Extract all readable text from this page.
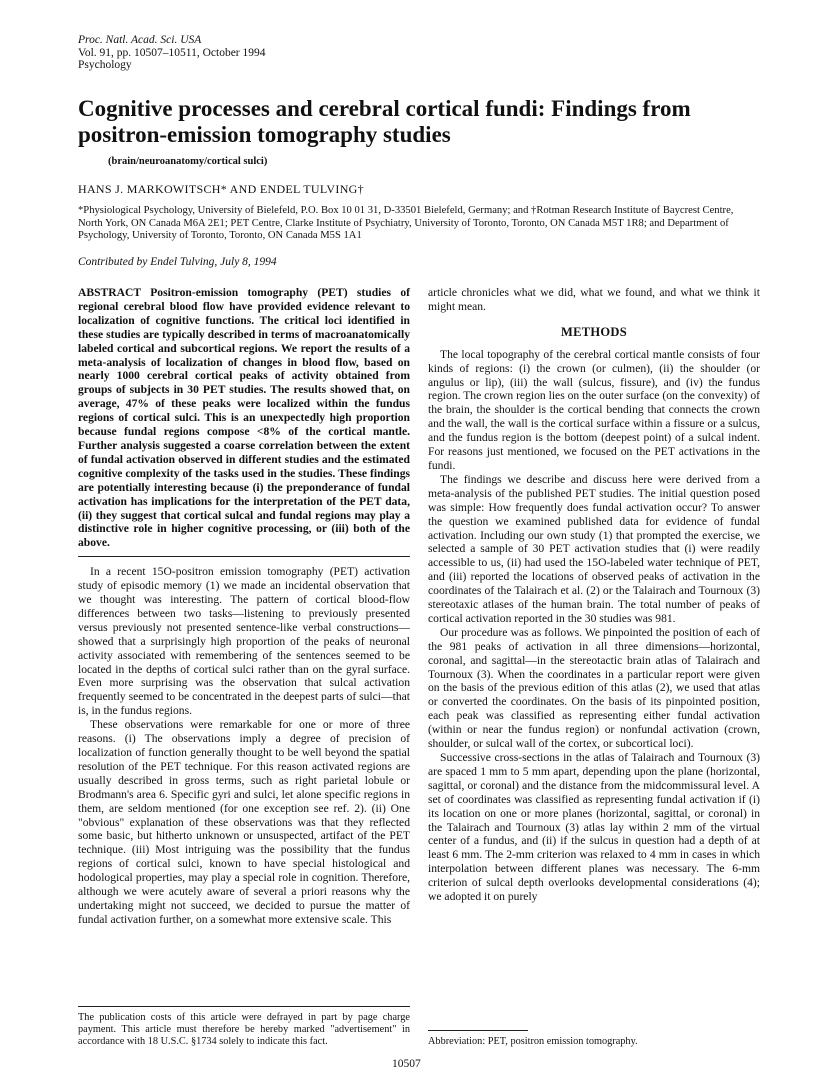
Proc. Natl. Acad. Sci. USA
Vol. 91, pp. 10507–10511, October 1994
Psychology
Cognitive processes and cerebral cortical fundi: Findings from positron-emission tomography studies
(brain/neuroanatomy/cortical sulci)
HANS J. MARKOWITSCH* AND ENDEL TULVING†
*Physiological Psychology, University of Bielefeld, P.O. Box 10 01 31, D-33501 Bielefeld, Germany; and †Rotman Research Institute of Baycrest Centre, North York, ON Canada M6A 2E1; PET Centre, Clarke Institute of Psychiatry, University of Toronto, Toronto, ON Canada M5T 1R8; and Department of Psychology, University of Toronto, Toronto, ON Canada M5S 1A1
Contributed by Endel Tulving, July 8, 1994
ABSTRACT Positron-emission tomography (PET) studies of regional cerebral blood flow have provided evidence relevant to localization of cognitive functions. The critical loci identified in these studies are typically described in terms of macroanatomically labeled cortical and subcortical regions. We report the results of a meta-analysis of localization of changes in blood flow, based on nearly 1000 cerebral cortical peaks of activity obtained from groups of subjects in 30 PET studies. The results showed that, on average, 47% of these peaks were localized within the fundus regions of cortical sulci. This is an unexpectedly high proportion because fundal regions compose <8% of the cortical mantle. Further analysis suggested a coarse correlation between the extent of fundal activation observed in different studies and the estimated cognitive complexity of the tasks used in the studies. These findings are potentially interesting because (i) the preponderance of fundal activation has implications for the interpretation of the PET data, (ii) they suggest that cortical sulcal and fundal regions may play a distinctive role in higher cognitive processing, or (iii) both of the above.

In a recent 15O-positron emission tomography (PET) activation study of episodic memory (1) we made an incidental observation that we thought was interesting. The pattern of cortical blood-flow differences between two tasks—listening to previously presented versus previously not presented sentence-like verbal constructions—showed that a surprisingly high proportion of the peaks of neuronal activity associated with remembering of the sentences seemed to be located in the depths of cortical sulci rather than on the gyral surface. Even more surprising was the observation that sulcal activation frequently seemed to be concentrated in the deepest parts of sulci—that is, in the fundus regions.

These observations were remarkable for one or more of three reasons. (i) The observations imply a degree of precision of localization of function generally thought to be well beyond the spatial resolution of the PET technique. For this reason activated regions are usually described in gross terms, such as right parietal lobule or Brodmann's area 6. Specific gyri and sulci, let alone specific regions in them, are seldom mentioned (for one exception see ref. 2). (ii) One "obvious" explanation of these observations was that they reflected some basic, but hitherto unknown or unsuspected, artifact of the PET technique. (iii) Most intriguing was the possibility that the fundus regions of cortical sulci, known to have special histological and hodological properties, may play a special role in cognition. Therefore, although we were acutely aware of several a priori reasons why the undertaking might not succeed, we decided to pursue the matter of fundal activation further, on a somewhat more extensive scale. This

article chronicles what we did, what we found, and what we think it might mean.

METHODS

The local topography of the cerebral cortical mantle consists of four kinds of regions: (i) the crown (or culmen), (ii) the shoulder (or angulus or lip), (iii) the wall (sulcus, fissure), and (iv) the fundus region. The crown region lies on the outer surface (on the convexity) of the brain, the shoulder is the cortical bending that connects the crown and the wall, the wall is the cortical surface within a fissure or a sulcus, and the fundus region is the bottom (deepest point) of a sulcal indent. For reasons just mentioned, we focused on the PET activations in the fundi.

The findings we describe and discuss here were derived from a meta-analysis of the published PET studies. The initial question posed was simple: How frequently does fundal activation occur? To answer the question we examined published data for evidence of fundal activation. Including our own study (1) that prompted the exercise, we selected a sample of 30 PET activation studies that (i) were readily accessible to us, (ii) had used the 15O-labeled water technique of PET, and (iii) reported the locations of observed peaks of activation in the coordinates of the Talairach et al. (2) or the Talairach and Tournoux (3) stereotaxic atlases of the human brain. The total number of peaks of cortical activation reported in the 30 studies was 981.

Our procedure was as follows. We pinpointed the position of each of the 981 peaks of activation in all three dimensions—horizontal, coronal, and sagittal—in the stereotactic brain atlas of Talairach and Tournoux (3). When the coordinates in a particular report were given on the basis of the previous edition of this atlas (2), we used that atlas or converted the coordinates. On the basis of its pinpointed position, each peak was classified as representing either fundal activation (within or near the fundus region) or nonfundal activation (crown, shoulder, or sulcal wall of the cortex, or subcortical loci).

Successive cross-sections in the atlas of Talairach and Tournoux (3) are spaced 1 mm to 5 mm apart, depending upon the plane (horizontal, sagittal, or coronal) and the distance from the midcommissural level. A set of coordinates was classified as representing fundal activation if (i) its location on one or more planes (horizontal, sagittal, or coronal) in the Talairach and Tournoux (3) atlas lay within 2 mm of the virtual center of a fundus, and (ii) if the sulcus in question had a depth of at least 6 mm. The 2-mm criterion was relaxed to 4 mm in cases in which interpolation between different planes was necessary. The 6-mm criterion of sulcal depth overlooks developmental considerations (4); we adopted it on purely

The publication costs of this article were defrayed in part by page charge payment. This article must therefore be hereby marked "advertisement" in accordance with 18 U.S.C. §1734 solely to indicate this fact.	Abbreviation: PET, positron emission tomography.
10507
